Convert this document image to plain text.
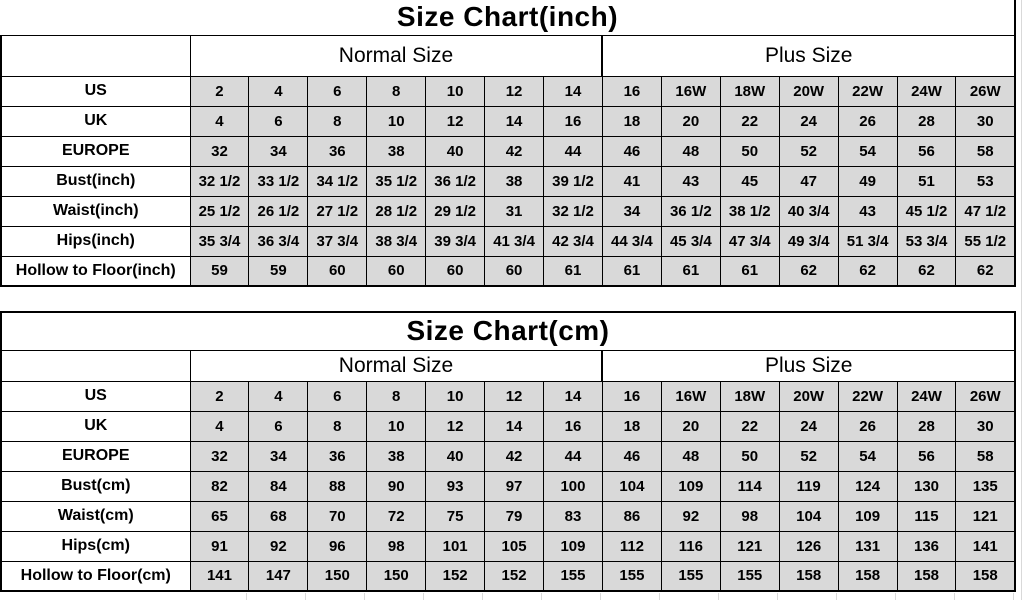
Size Chart(inch)														
	Normal Size							Plus Size						
US	2	4	6	8	10	12	14	16	16W	18W	20W	22W	24W	26W
UK	4	6	8	10	12	14	16	18	20	22	24	26	28	30
EUROPE	32	34	36	38	40	42	44	46	48	50	52	54	56	58
Bust(inch)	32 1/2	33 1/2	34 1/2	35 1/2	36 1/2	38	39 1/2	41	43	45	47	49	51	53
Waist(inch)	25 1/2	26 1/2	27 1/2	28 1/2	29 1/2	31	32 1/2	34	36 1/2	38 1/2	40 3/4	43	45 1/2	47 1/2
Hips(inch)	35 3/4	36 3/4	37 3/4	38 3/4	39 3/4	41 3/4	42 3/4	44 3/4	45 3/4	47 3/4	49 3/4	51 3/4	53 3/4	55 1/2
Hollow to Floor(inch)	59	59	60	60	60	60	61	61	61	61	62	62	62	62
Size Chart(cm)														
	Normal Size							Plus Size						
US	2	4	6	8	10	12	14	16	16W	18W	20W	22W	24W	26W
UK	4	6	8	10	12	14	16	18	20	22	24	26	28	30
EUROPE	32	34	36	38	40	42	44	46	48	50	52	54	56	58
Bust(cm)	82	84	88	90	93	97	100	104	109	114	119	124	130	135
Waist(cm)	65	68	70	72	75	79	83	86	92	98	104	109	115	121
Hips(cm)	91	92	96	98	101	105	109	112	116	121	126	131	136	141
Hollow to Floor(cm)	141	147	150	150	152	152	155	155	155	155	158	158	158	158
